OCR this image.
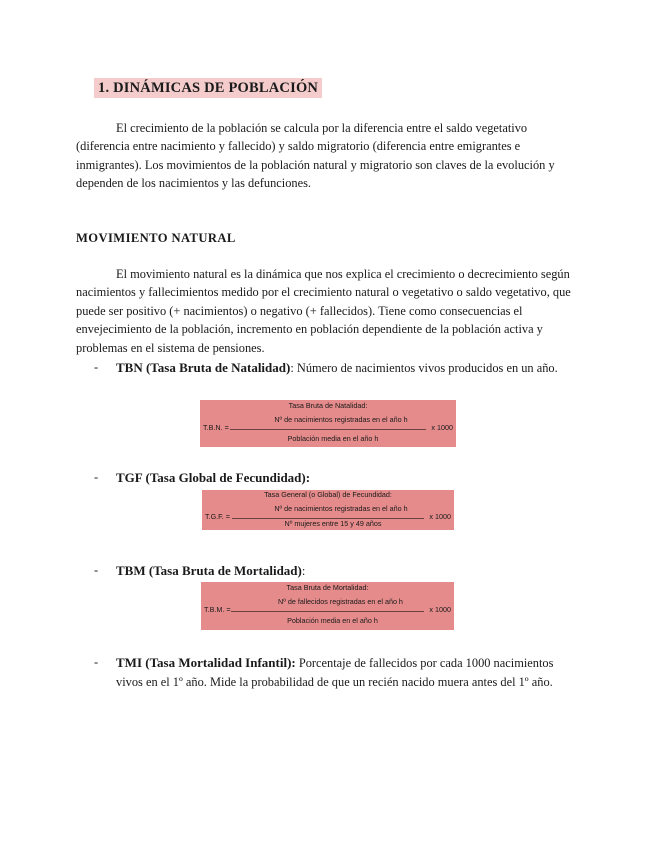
1. DINÁMICAS DE POBLACIÓN

El crecimiento de la población se calcula por la diferencia entre el saldo vegetativo (diferencia entre nacimiento y fallecido) y saldo migratorio (diferencia entre emigrantes e inmigrantes). Los movimientos de la población natural y migratorio son claves de la evolución y dependen de los nacimientos y las defunciones.

MOVIMIENTO NATURAL

El movimiento natural es la dinámica que nos explica el crecimiento o decrecimiento según nacimientos y fallecimientos medido por el crecimiento natural o vegetativo o saldo vegetativo, que puede ser positivo (+ nacimientos) o negativo (+ fallecidos). Tiene como consecuencias el envejecimiento de la población, incremento en población dependiente de la población activa y problemas en el sistema de pensiones.

- TBN (Tasa Bruta de Natalidad): Número de nacimientos vivos producidos en un año.
Tasa Bruta de Natalidad:
Nº de nacimientos registradas en el año h
T.B.N. =	x 1000
Población media en el año h
- TGF (Tasa Global de Fecundidad):
Tasa General (o Global) de Fecundidad:
Nº de nacimientos registradas en el año h
T.G.F. =	x 1000
Nº mujeres entre 15 y 49 años
- TBM (Tasa Bruta de Mortalidad):
Tasa Bruta de Mortalidad:
Nº de fallecidos registradas en el año h
T.B.M. =	x 1000
Población media en el año h
- TMI (Tasa Mortalidad Infantil): Porcentaje de fallecidos por cada 1000 nacimientos vivos en el 1º año. Mide la probabilidad de que un recién nacido muera antes del 1º año.
